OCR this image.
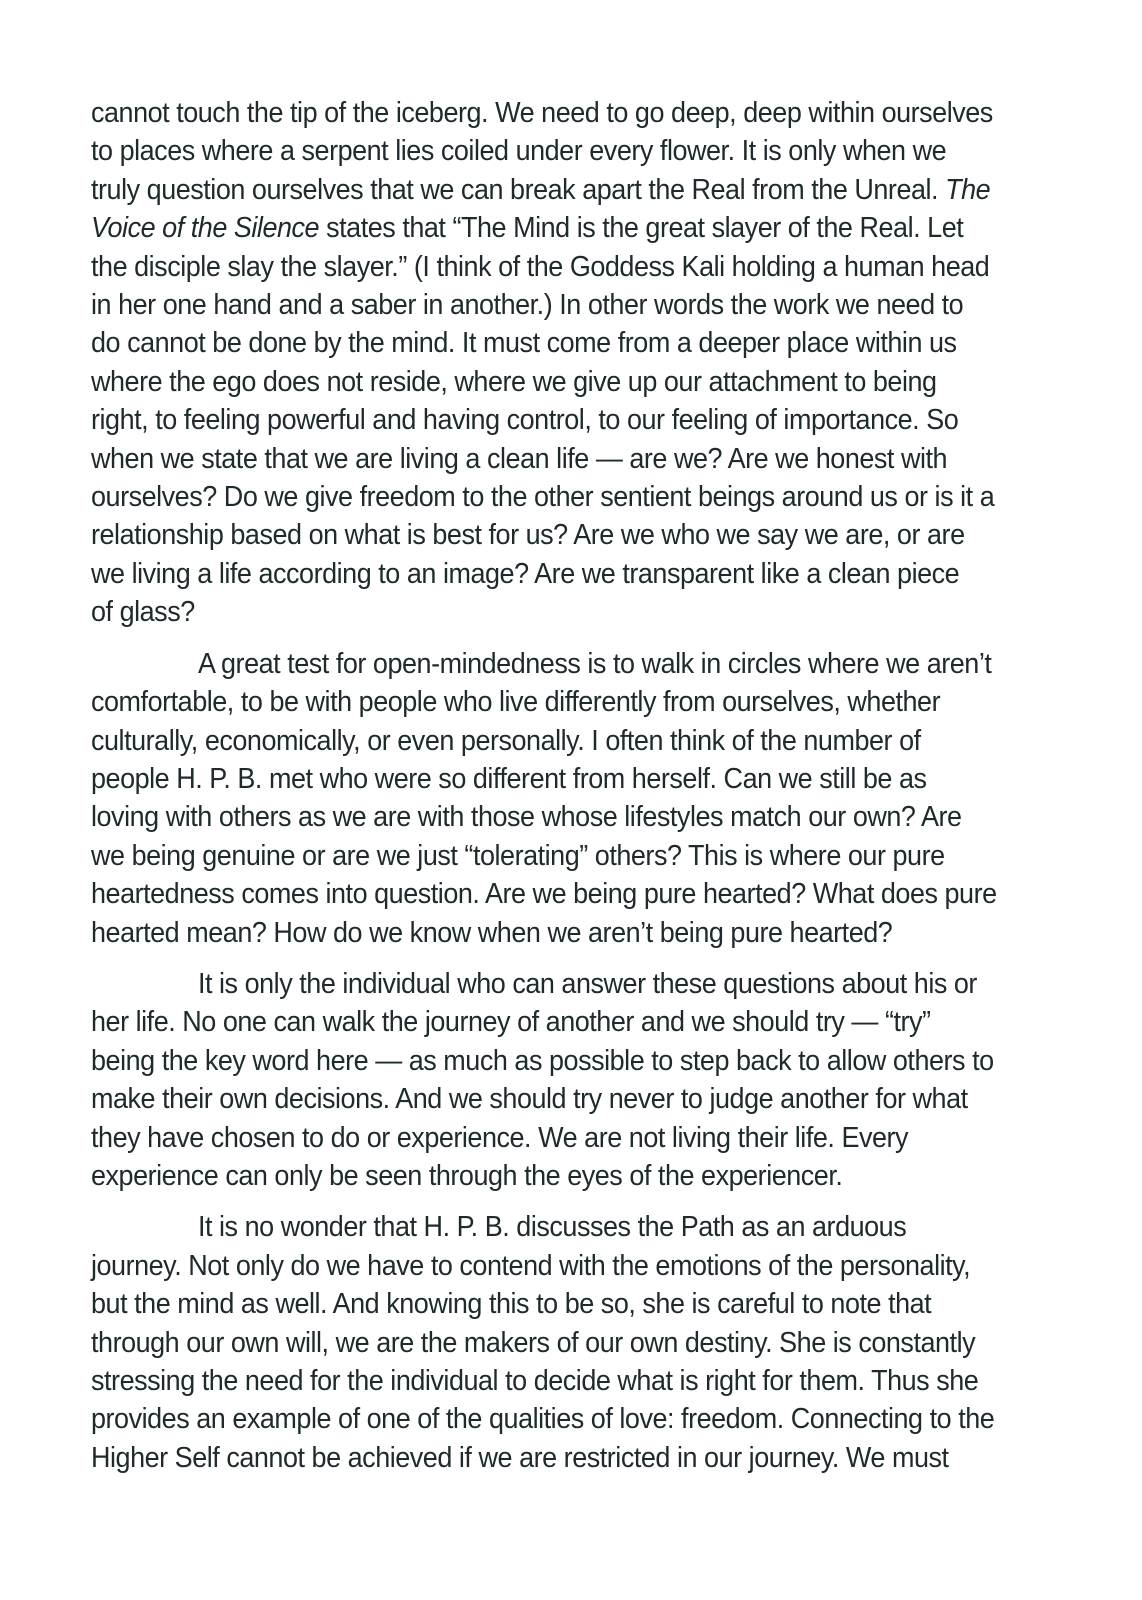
cannot touch the tip of the iceberg. We need to go deep, deep within ourselves
to places where a serpent lies coiled under every flower. It is only when we
truly question ourselves that we can break apart the Real from the Unreal. The
Voice of the Silence states that “The Mind is the great slayer of the Real. Let
the disciple slay the slayer.” (I think of the Goddess Kali holding a human head
in her one hand and a saber in another.) In other words the work we need to
do cannot be done by the mind. It must come from a deeper place within us
where the ego does not reside, where we give up our attachment to being
right, to feeling powerful and having control, to our feeling of importance. So
when we state that we are living a clean life — are we? Are we honest with
ourselves? Do we give freedom to the other sentient beings around us or is it a
relationship based on what is best for us? Are we who we say we are, or are
we living a life according to an image? Are we transparent like a clean piece
of glass?
A great test for open-mindedness is to walk in circles where we aren’t
comfortable, to be with people who live differently from ourselves, whether
culturally, economically, or even personally. I often think of the number of
people H. P. B. met who were so different from herself. Can we still be as
loving with others as we are with those whose lifestyles match our own? Are
we being genuine or are we just “tolerating” others? This is where our pure
heartedness comes into question. Are we being pure hearted? What does pure
hearted mean? How do we know when we aren’t being pure hearted?
It is only the individual who can answer these questions about his or
her life. No one can walk the journey of another and we should try — “try”
being the key word here — as much as possible to step back to allow others to
make their own decisions. And we should try never to judge another for what
they have chosen to do or experience. We are not living their life. Every
experience can only be seen through the eyes of the experiencer.
It is no wonder that H. P. B. discusses the Path as an arduous
journey. Not only do we have to contend with the emotions of the personality,
but the mind as well. And knowing this to be so, she is careful to note that
through our own will, we are the makers of our own destiny. She is constantly
stressing the need for the individual to decide what is right for them. Thus she
provides an example of one of the qualities of love: freedom. Connecting to the
Higher Self cannot be achieved if we are restricted in our journey. We must
